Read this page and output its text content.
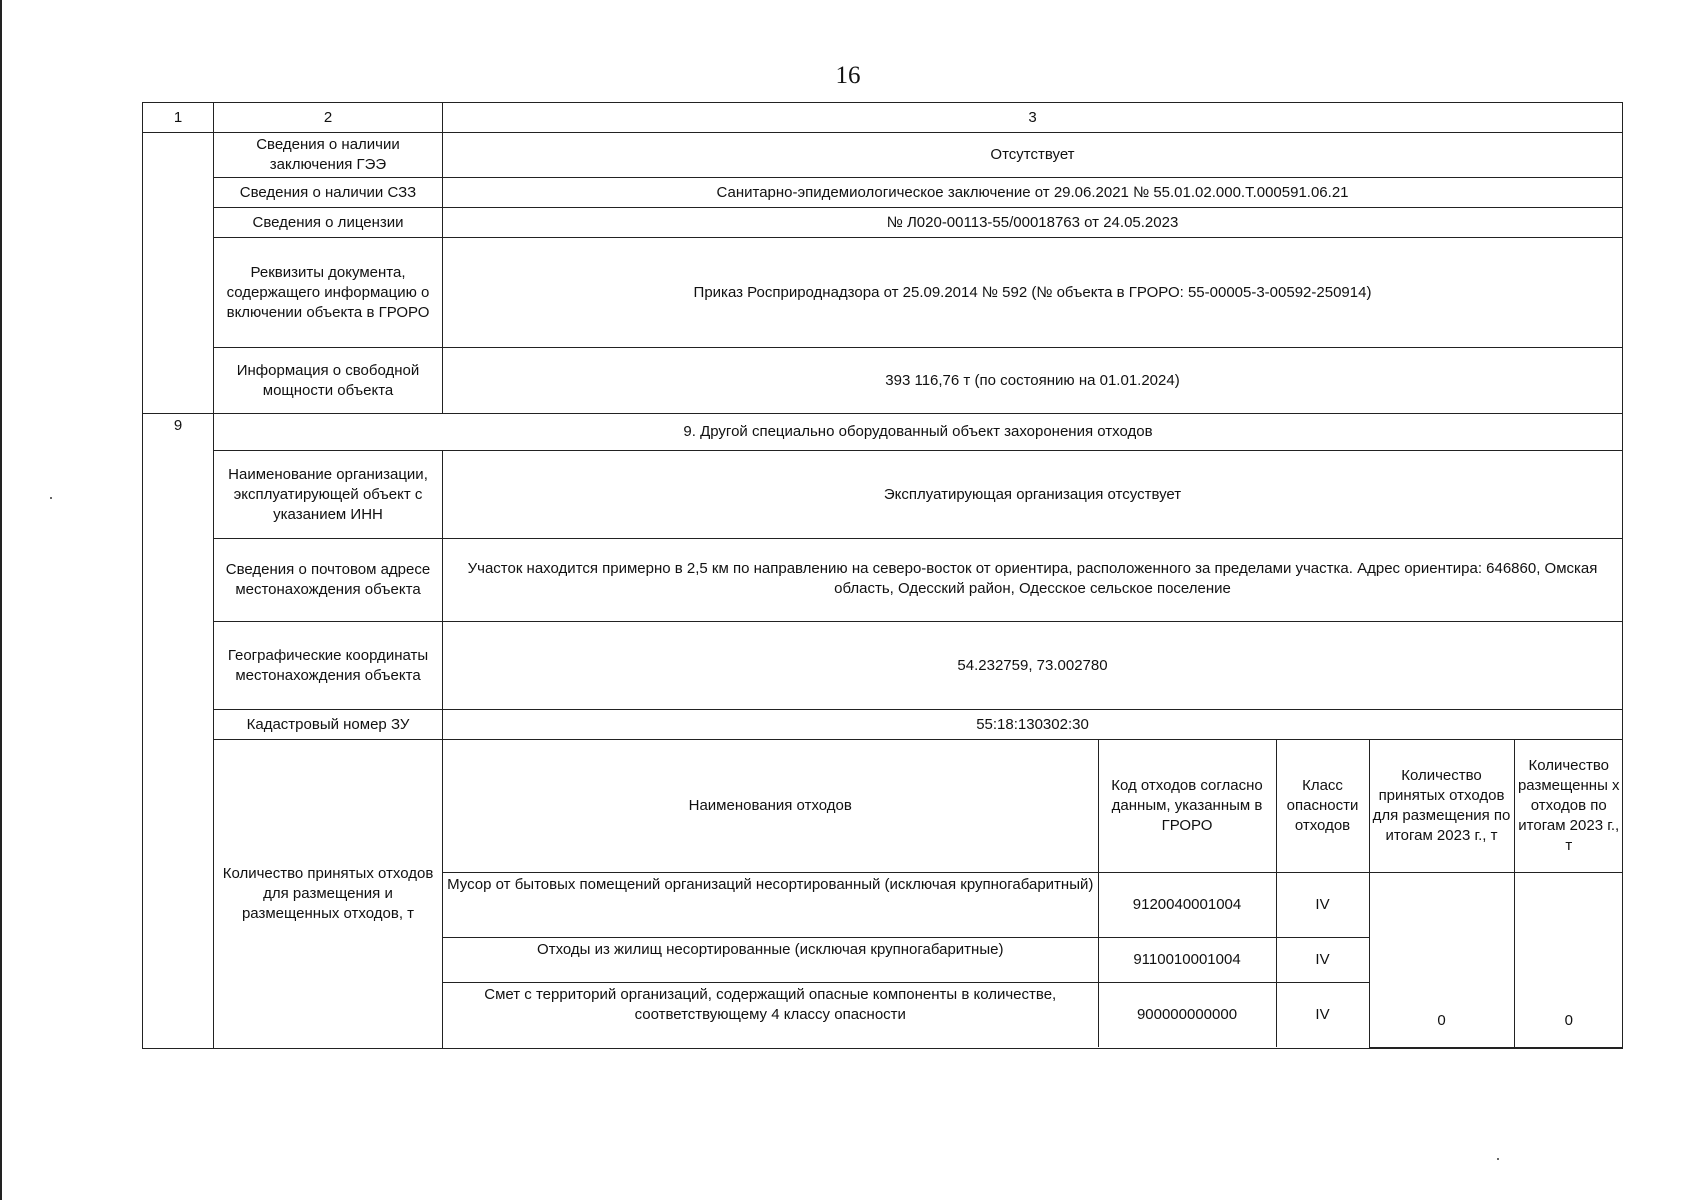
16
1	2	3
	Сведения о наличии заключения ГЭЭ	Отсутствует
Сведения о наличии СЗЗ	Санитарно-эпидемиологическое заключение от 29.06.2021 № 55.01.02.000.Т.000591.06.21
Сведения о лицензии	№ Л020-00113-55/00018763 от 24.05.2023
Реквизиты документа, содержащего информацию о включении объекта в ГРОРО	Приказ Росприроднадзора от 25.09.2014 № 592 (№ объекта в ГРОРО: 55-00005-3-00592-250914)
Информация о свободной мощности объекта	393 116,76 т (по состоянию на 01.01.2024)
9	9. Другой специально оборудованный объект захоронения отходов
Наименование организации, эксплуатирующей объект с указанием ИНН	Эксплуатирующая организация отсуствует
Сведения о почтовом адресе местонахождения объекта	Участок находится примерно в 2,5 км по направлению на северо-восток от ориентира, расположенного за пределами участка. Адрес ориентира: 646860, Омская область, Одесский район, Одесское сельское поселение
Географические координаты местонахождения объекта	54.232759, 73.002780
Кадастровый номер ЗУ	55:18:130302:30
Количество принятых отходов для размещения и размещенных отходов, т	
Наименования отходов	Код отходов согласно данным, указанным в ГРОРО	Класс опасности отходов	Количество принятых отходов для размещения по итогам 2023 г., т	Количество размещенны х отходов по итогам 2023 г., т
Мусор от бытовых помещений организаций несортированный (исключая крупногабаритный)	9120040001004	IV	0	0
Отходы из жилищ несортированные (исключая крупногабаритные)	9110010001004	IV
Смет с территорий организаций, содержащий опасные компоненты в количестве, соответствующему 4 классу опасности	900000000000	IV
